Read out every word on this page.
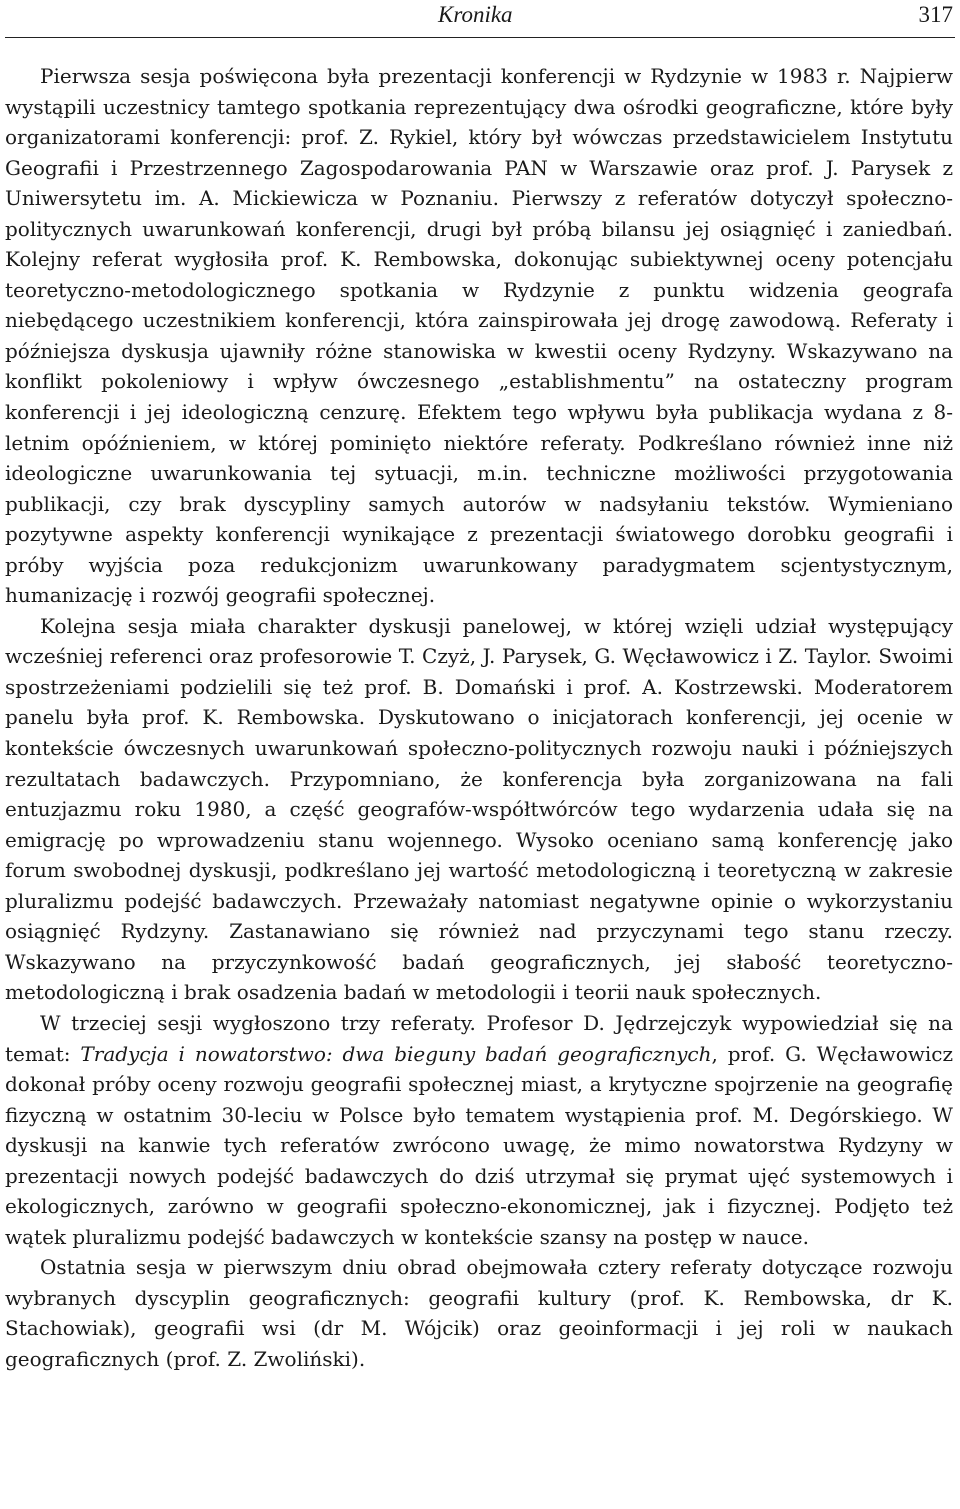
Kronika	317

Pierwsza sesja poświęcona była prezentacji konferencji w Rydzynie w 1983 r. Najpierw wystąpili uczestnicy tamtego spotkania reprezentujący dwa ośrodki geograficzne, które były organizatorami konferencji: prof. Z. Rykiel, który był wówczas przedstawicielem Instytutu Geografii i Przestrzennego Zagospodarowania PAN w Warszawie oraz prof. J. Parysek z Uniwersytetu im. A. Mickiewicza w Poznaniu. Pierwszy z referatów dotyczył społeczno-politycznych uwarunkowań konferencji, drugi był próbą bilansu jej osiągnięć i zaniedbań. Kolejny referat wygłosiła prof. K. Rembowska, dokonując subiektywnej oceny potencjału teoretyczno-metodologicznego spotkania w Rydzynie z punktu widzenia geografa niebędącego uczestnikiem konferencji, która zainspirowała jej drogę zawodową. Referaty i późniejsza dyskusja ujawniły różne stanowiska w kwestii oceny Rydzyny. Wskazywano na konflikt pokoleniowy i wpływ ówczesnego „establishmentu” na ostateczny program konferencji i jej ideologiczną cenzurę. Efektem tego wpływu była publikacja wydana z 8-letnim opóźnieniem, w której pominięto niektóre referaty. Podkreślano również inne niż ideologiczne uwarunkowania tej sytuacji, m.in. techniczne możliwości przygotowania publikacji, czy brak dyscypliny samych autorów w nadsyłaniu tekstów. Wymieniano pozytywne aspekty konferencji wynikające z prezentacji światowego dorobku geografii i próby wyjścia poza redukcjonizm uwarunkowany paradygmatem scjentystycznym, humanizację i rozwój geografii społecznej.

Kolejna sesja miała charakter dyskusji panelowej, w której wzięli udział występujący wcześniej referenci oraz profesorowie T. Czyż, J. Parysek, G. Węcławowicz i Z. Taylor. Swoimi spostrzeżeniami podzielili się też prof. B. Domański i prof. A. Kostrzewski. Moderatorem panelu była prof. K. Rembowska. Dyskutowano o inicjatorach konferencji, jej ocenie w kontekście ówczesnych uwarunkowań społeczno-politycznych rozwoju nauki i późniejszych rezultatach badawczych. Przypomniano, że konferencja była zorganizowana na fali entuzjazmu roku 1980, a część geografów-współtwórców tego wydarzenia udała się na emigrację po wprowadzeniu stanu wojennego. Wysoko oceniano samą konferencję jako forum swobodnej dyskusji, podkreślano jej wartość metodologiczną i teoretyczną w zakresie pluralizmu podejść badawczych. Przeważały natomiast negatywne opinie o wykorzystaniu osiągnięć Rydzyny. Zastanawiano się również nad przyczynami tego stanu rzeczy. Wskazywano na przyczynkowość badań geograficznych, jej słabość teoretyczno-metodologiczną i brak osadzenia badań w metodologii i teorii nauk społecznych.

W trzeciej sesji wygłoszono trzy referaty. Profesor D. Jędrzejczyk wypowiedział się na temat: Tradycja i nowatorstwo: dwa bieguny badań geograficznych, prof. G. Węcławowicz dokonał próby oceny rozwoju geografii społecznej miast, a krytyczne spojrzenie na geografię fizyczną w ostatnim 30-leciu w Polsce było tematem wystąpienia prof. M. Degórskiego. W dyskusji na kanwie tych referatów zwrócono uwagę, że mimo nowatorstwa Rydzyny w prezentacji nowych podejść badawczych do dziś utrzymał się prymat ujęć systemowych i ekologicznych, zarówno w geografii społeczno-ekonomicznej, jak i fizycznej. Podjęto też wątek pluralizmu podejść badawczych w kontekście szansy na postęp w nauce.

Ostatnia sesja w pierwszym dniu obrad obejmowała cztery referaty dotyczące rozwoju wybranych dyscyplin geograficznych: geografii kultury (prof. K. Rembowska, dr K. Stachowiak), geografii wsi (dr M. Wójcik) oraz geoinformacji i jej roli w naukach geograficznych (prof. Z. Zwoliński).
